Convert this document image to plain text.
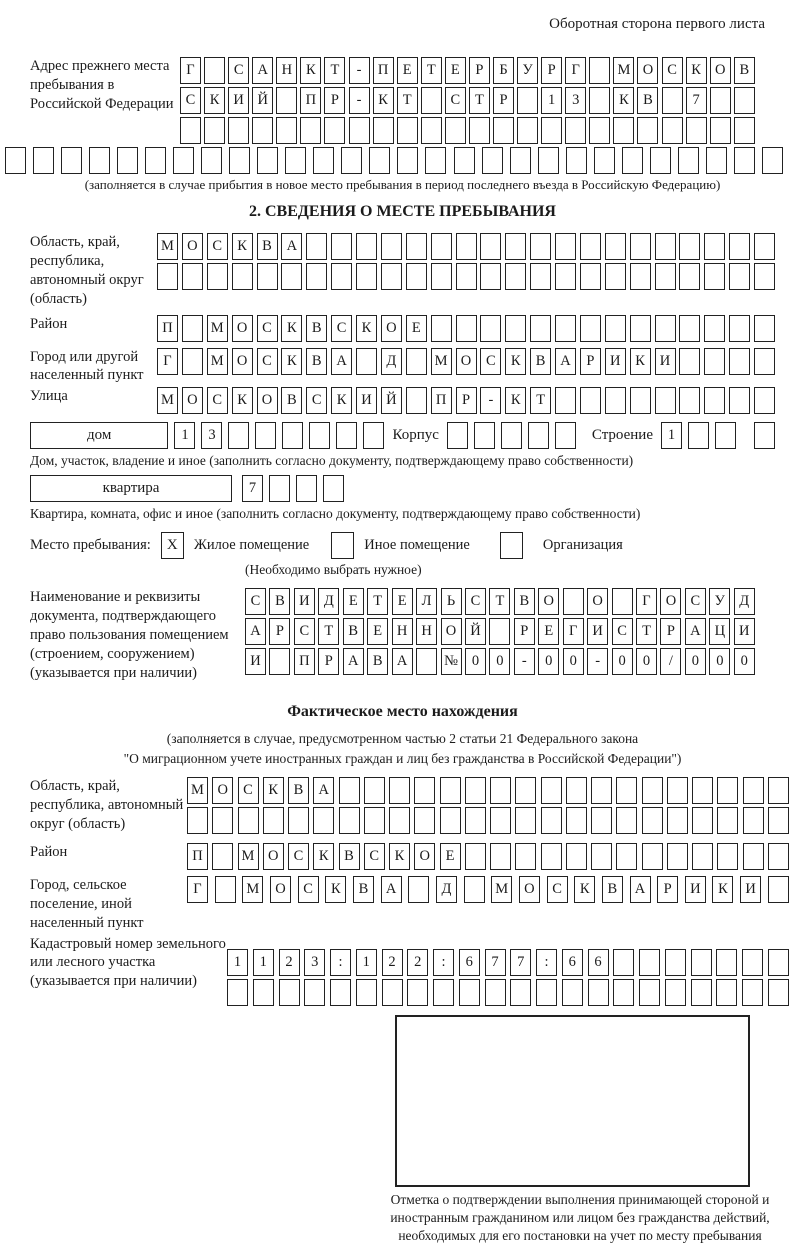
Оборотная сторона первого листа
Адрес прежнего места пребывания в Российской Федерации
Г	С А Н К	Т	-	П Е	Т	Е	Р	Б	У	Р	Г	М О С К О В
С К И Й	П	Р	-	К	Т	С	Т	Р	1	3	К В	7
(заполняется в случае прибытия в новое место пребывания в период последнего въезда в Российскую Федерацию)
2. СВЕДЕНИЯ О МЕСТЕ ПРЕБЫВАНИЯ
Область, край, республика, автономный округ (область)
М О	С	К	В	А
Район	П	М О	С	К	В	С	К	О	Е
Город или другой населенный пункт
Г	М О	С	К	В	А	Д	М О	С	К	В	А	Р	И	К	И
Улица	М О	С	К	О	В	С	К	И Й	П	Р	-	К	Т
дом	1	3	Корпус	Строение	1
Дом, участок, владение и иное (заполнить согласно документу, подтверждающему право собственности)
квартира	7
Квартира, комната, офис и иное (заполнить согласно документу, подтверждающему право собственности)
Место пребывания:	X	Жилое помещение	Иное помещение	Организация
(Необходимо выбрать нужное)
Наименование и реквизиты документа, подтверждающего право пользования помещением (строением, сооружением) (указывается при наличии)
С	В И Д	Е	Т	Е	Л	Ь	С	Т	В О	О	Г	О С У Д
А	Р	С	Т	В	Е	Н Н О Й	Р	Е	Г	И С	Т	Р	А Ц И
И	П	Р	А В А	№ 0	0	-	0	0	-	0	0	/	0	0	0
Фактическое место нахождения
(заполняется в случае, предусмотренном частью 2 статьи 21 Федерального закона
"О миграционном учете иностранных граждан и лиц без гражданства в Российской Федерации")
Область, край, республика, автономный округ (область)
М О	С	К	В	А
Район	П	М О	С	К	В	С	К	О	Е
Город, сельское поселение, иной населенный пункт
Г	М	О	С	К	В	А	Д	М	О	С	К	В	А	Р	И	К	И
Кадастровый номер земельного или лесного участка (указывается при наличии)
1	1	2	3	:	1	2	2	:	6	7	7	:	6	6
Отметка о подтверждении выполнения принимающей стороной и иностранным гражданином или лицом без гражданства действий, необходимых для его постановки на учет по месту пребывания
